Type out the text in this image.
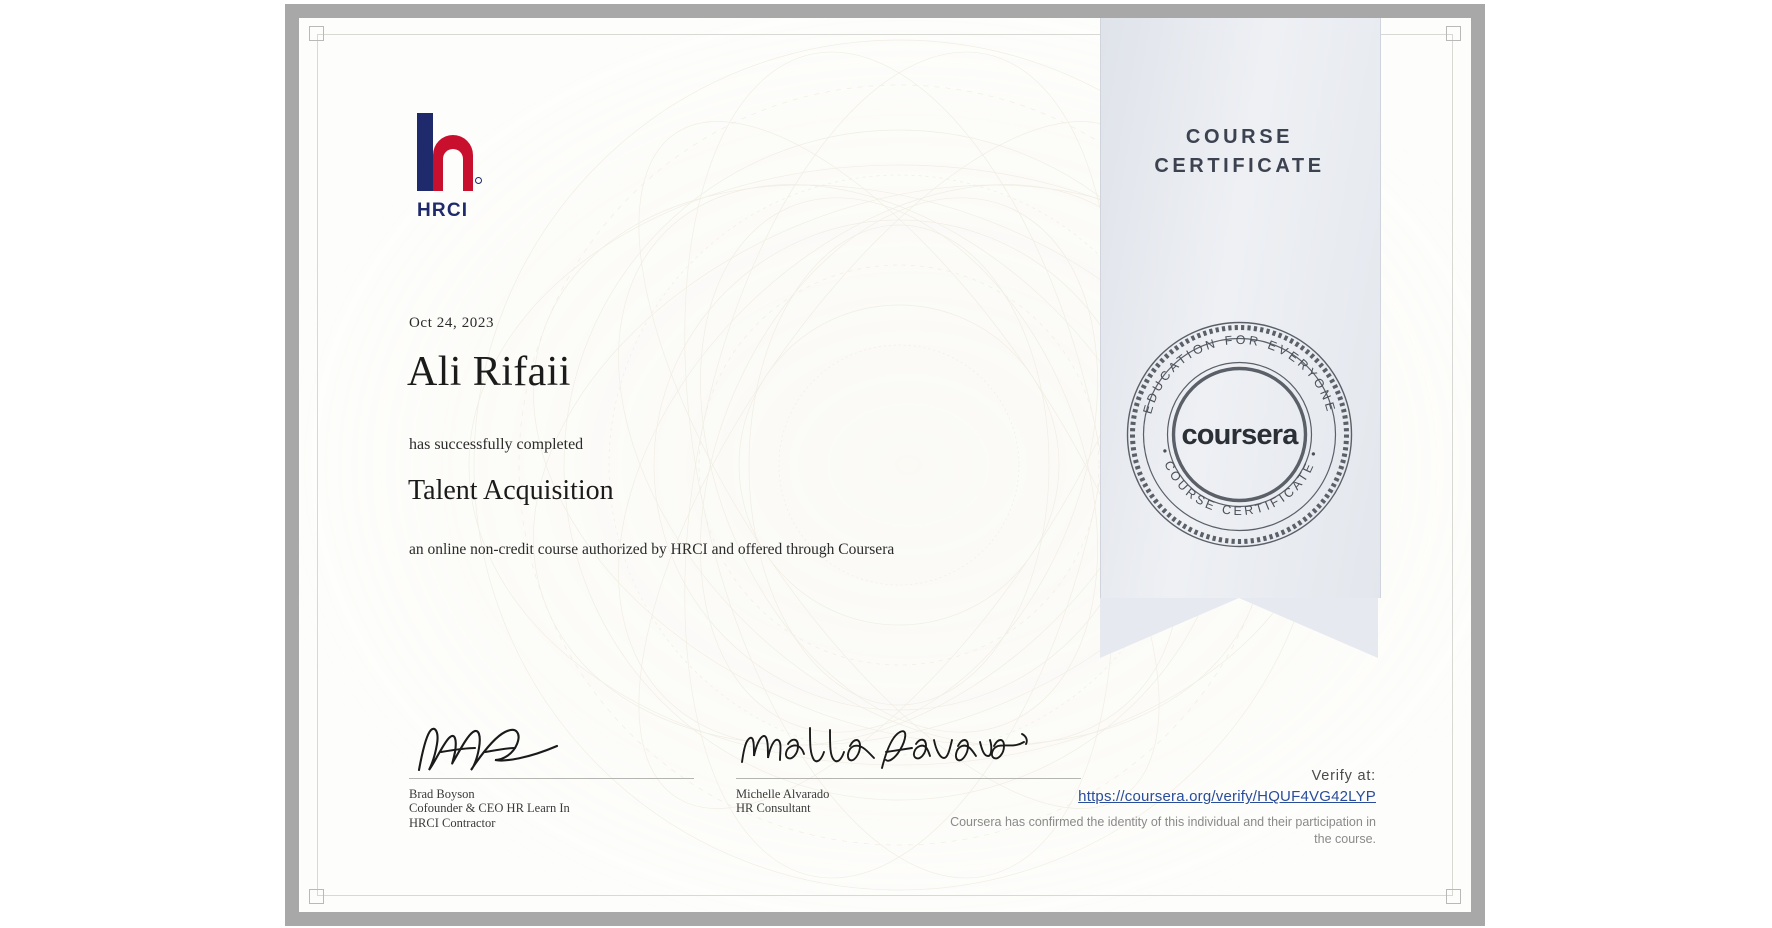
HRCI
Oct 24, 2023
Ali Rifaii
has successfully completed
Talent Acquisition
an online non-credit course authorized by HRCI and offered through Coursera
Brad Boyson
Cofounder & CEO HR Learn In
HRCI Contractor
Michelle Alvarado
HR Consultant
COURSE
CERTIFICATE
EDUCATION FOR EVERYONE
• COURSE CERTIFICATE •
coursera
Verify at:
https://coursera.org/verify/HQUF4VG42LYP
Coursera has confirmed the identity of this individual and their participation in the course.
